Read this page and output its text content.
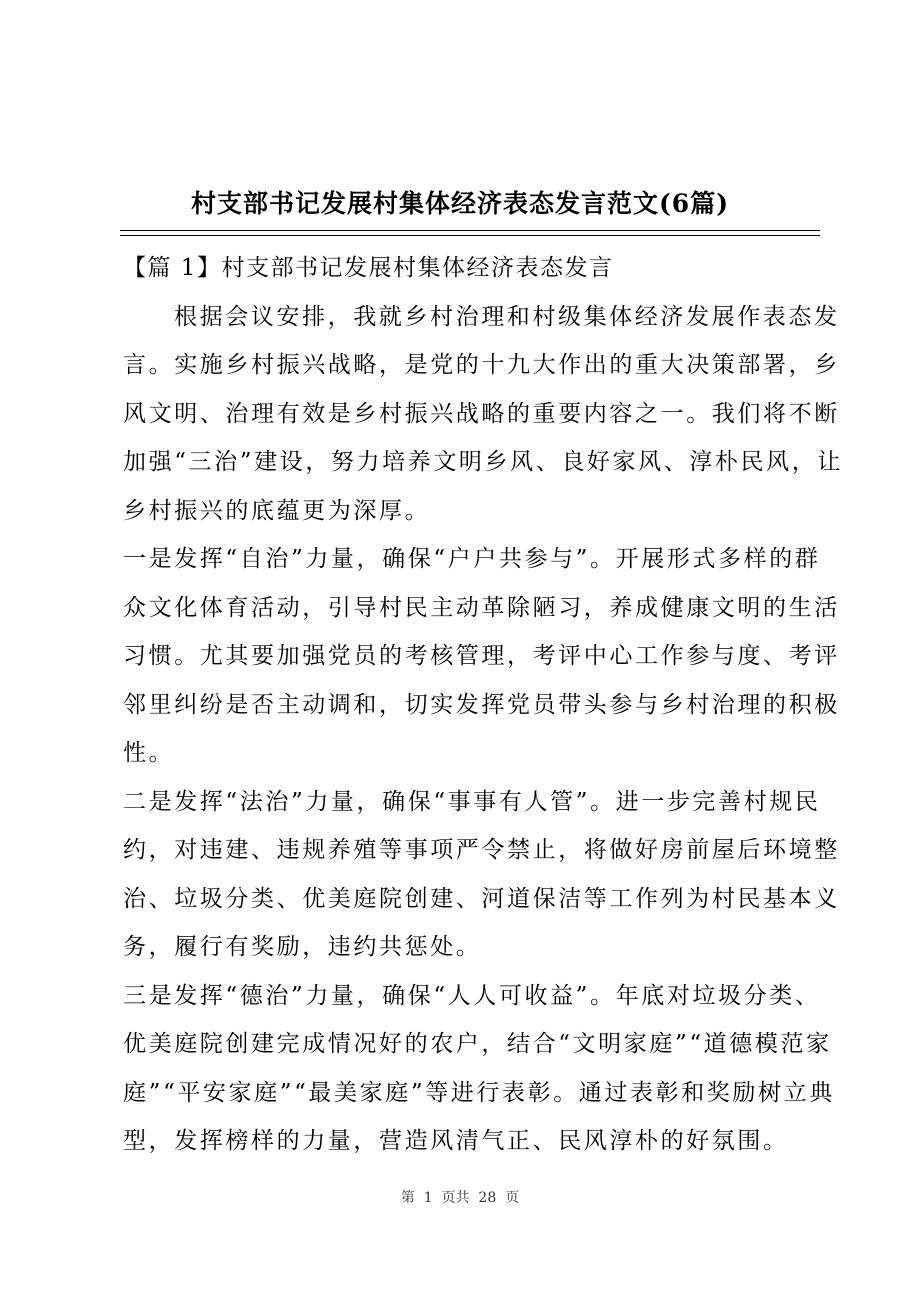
村支部书记发展村集体经济表态发言范文(6篇)

【篇 1】村支部书记发展村集体经济表态发言

根据会议安排，我就乡村治理和村级集体经济发展作表态发言。实施乡村振兴战略，是党的十九大作出的重大决策部署，乡风文明、治理有效是乡村振兴战略的重要内容之一。我们将不断加强“三治”建设，努力培养文明乡风、良好家风、淳朴民风，让乡村振兴的底蕴更为深厚。

一是发挥“自治”力量，确保“户户共参与”。开展形式多样的群众文化体育活动，引导村民主动革除陋习，养成健康文明的生活习惯。尤其要加强党员的考核管理，考评中心工作参与度、考评邻里纠纷是否主动调和，切实发挥党员带头参与乡村治理的积极性。

二是发挥“法治”力量，确保“事事有人管”。进一步完善村规民约，对违建、违规养殖等事项严令禁止，将做好房前屋后环境整治、垃圾分类、优美庭院创建、河道保洁等工作列为村民基本义务，履行有奖励，违约共惩处。

三是发挥“德治”力量，确保“人人可收益”。年底对垃圾分类、优美庭院创建完成情况好的农户，结合“文明家庭”“道德模范家庭”“平安家庭”“最美家庭”等进行表彰。通过表彰和奖励树立典型，发挥榜样的力量，营造风清气正、民风淳朴的好氛围。

第  1  页共  28  页
